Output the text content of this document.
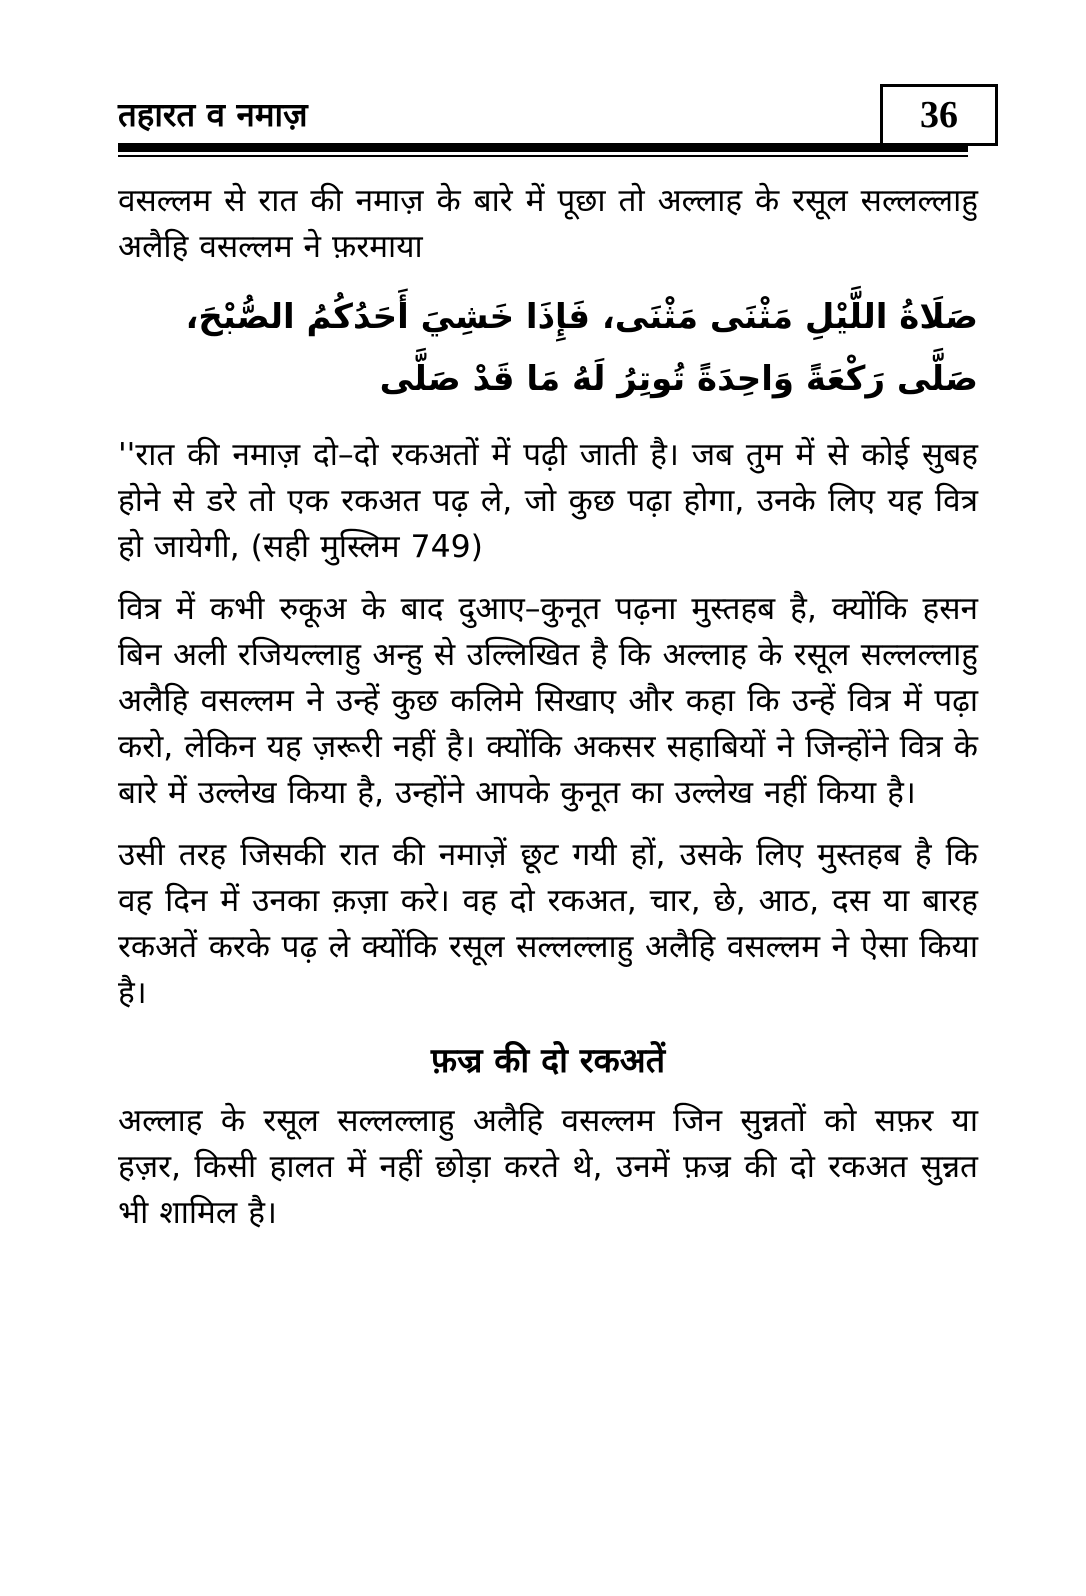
तहारत व नमाज़	36

वसल्लम से रात की नमाज़ के बारे में पूछा तो अल्लाह के रसूल सल्लल्लाहु अलैहि वसल्लम ने फ़रमाया

صَلَاةُ اللَّيْلِ مَثْنَى مَثْنَى، فَإِذَا خَشِيَ أَحَدُكُمُ الصُّبْحَ، صَلَّى رَكْعَةً وَاحِدَةً تُوتِرُ لَهُ مَا قَدْ صَلَّى

''रात की नमाज़ दो–दो रकअतों में पढ़ी जाती है। जब तुम में से कोई सुबह होने से डरे तो एक रकअत पढ़ ले, जो कुछ पढ़ा होगा, उनके लिए यह वित्र हो जायेगी, (सही मुस्लिम 749)

वित्र में कभी रुकूअ के बाद दुआए–कुनूत पढ़ना मुस्तहब है, क्योंकि हसन बिन अली रजियल्लाहु अन्हु से उल्लिखित है कि अल्लाह के रसूल सल्लल्लाहु अलैहि वसल्लम ने उन्हें कुछ कलिमे सिखाए और कहा कि उन्हें वित्र में पढ़ा करो, लेकिन यह ज़रूरी नहीं है। क्योंकि अकसर सहाबियों ने जिन्होंने वित्र के बारे में उल्लेख किया है, उन्होंने आपके कुनूत का उल्लेख नहीं किया है।

उसी तरह जिसकी रात की नमाज़ें छूट गयी हों, उसके लिए मुस्तहब है कि वह दिन में उनका क़ज़ा करे। वह दो रकअत, चार, छे, आठ, दस या बारह रकअतें करके पढ़ ले क्योंकि रसूल सल्लल्लाहु अलैहि वसल्लम ने ऐसा किया है।

फ़ज्र की दो रकअतें

अल्लाह के रसूल सल्लल्लाहु अलैहि वसल्लम जिन सुन्नतों को सफ़र या हज़र, किसी हालत में नहीं छोड़ा करते थे, उनमें फ़ज्र की दो रकअत सुन्नत भी शामिल है।
